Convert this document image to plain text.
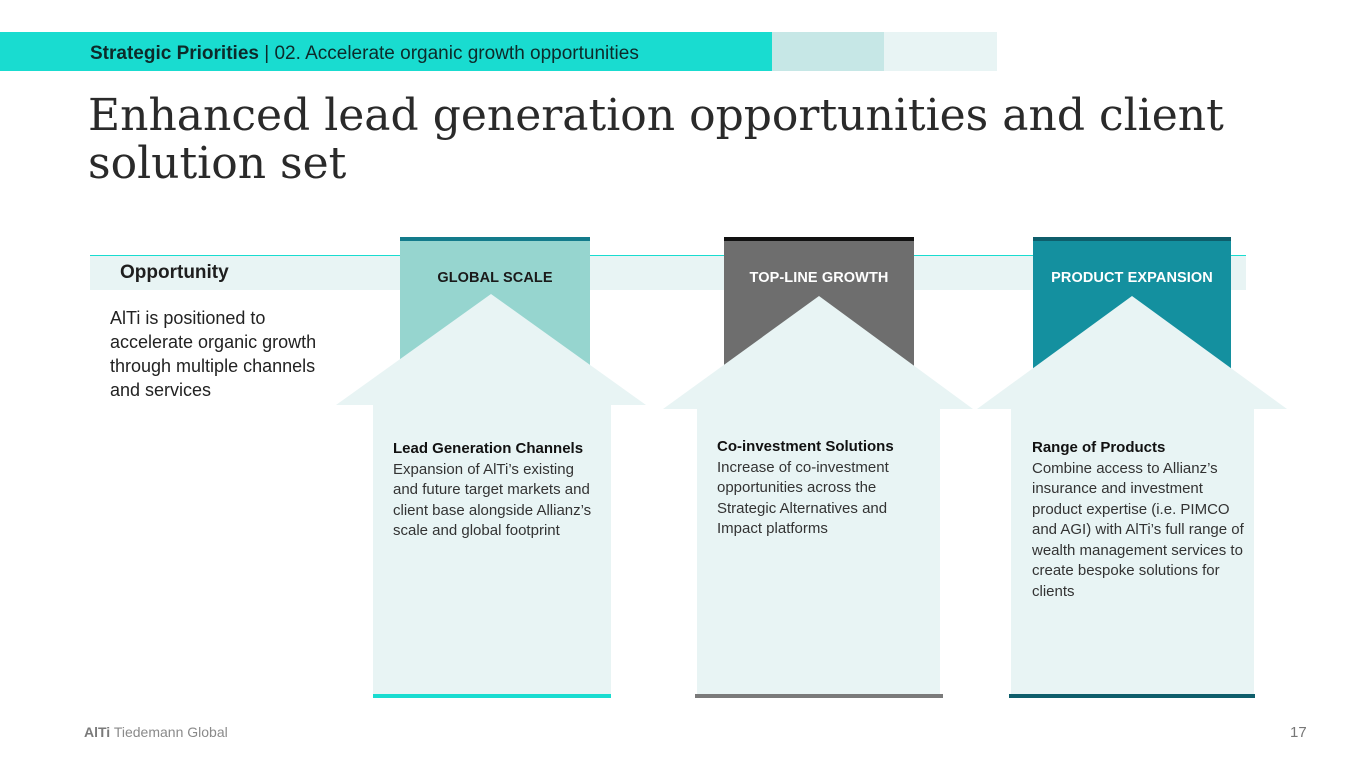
Strategic Priorities | 02. Accelerate organic growth opportunities
Enhanced lead generation opportunities and client solution set
Opportunity
AlTi is positioned to accelerate organic growth through multiple channels and services
GLOBAL SCALE	TOP-LINE GROWTH	PRODUCT EXPANSION
Lead Generation Channels
Expansion of AlTi’s existing and future target markets and client base alongside Allianz’s scale and global footprint
Co-investment Solutions
Increase of co-investment opportunities across the Strategic Alternatives and Impact platforms
Range of Products
Combine access to Allianz’s insurance and investment product expertise (i.e. PIMCO and AGI) with AlTi’s full range of wealth management services to create bespoke solutions for clients
AlTi Tiedemann Global	17
